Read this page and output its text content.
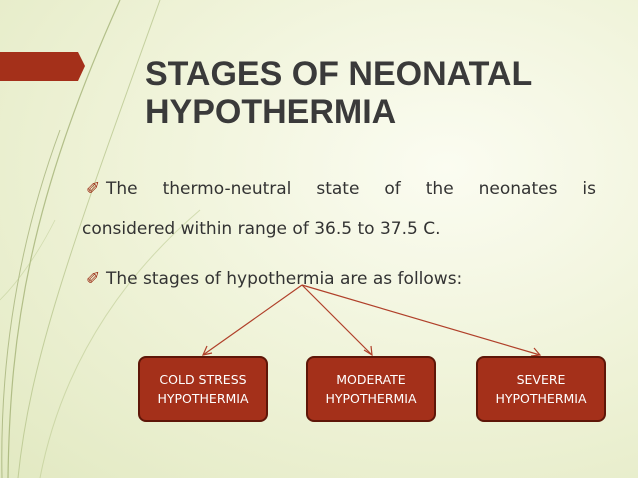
STAGES OF NEONATAL
HYPOTHERMIA
✐ The thermo-neutral state of the neonates is
considered within range of 36.5 to 37.5 C.
✐ The stages of hypothermia are as follows:
COLD STRESS
HYPOTHERMIA
MODERATE
HYPOTHERMIA
SEVERE
HYPOTHERMIA
